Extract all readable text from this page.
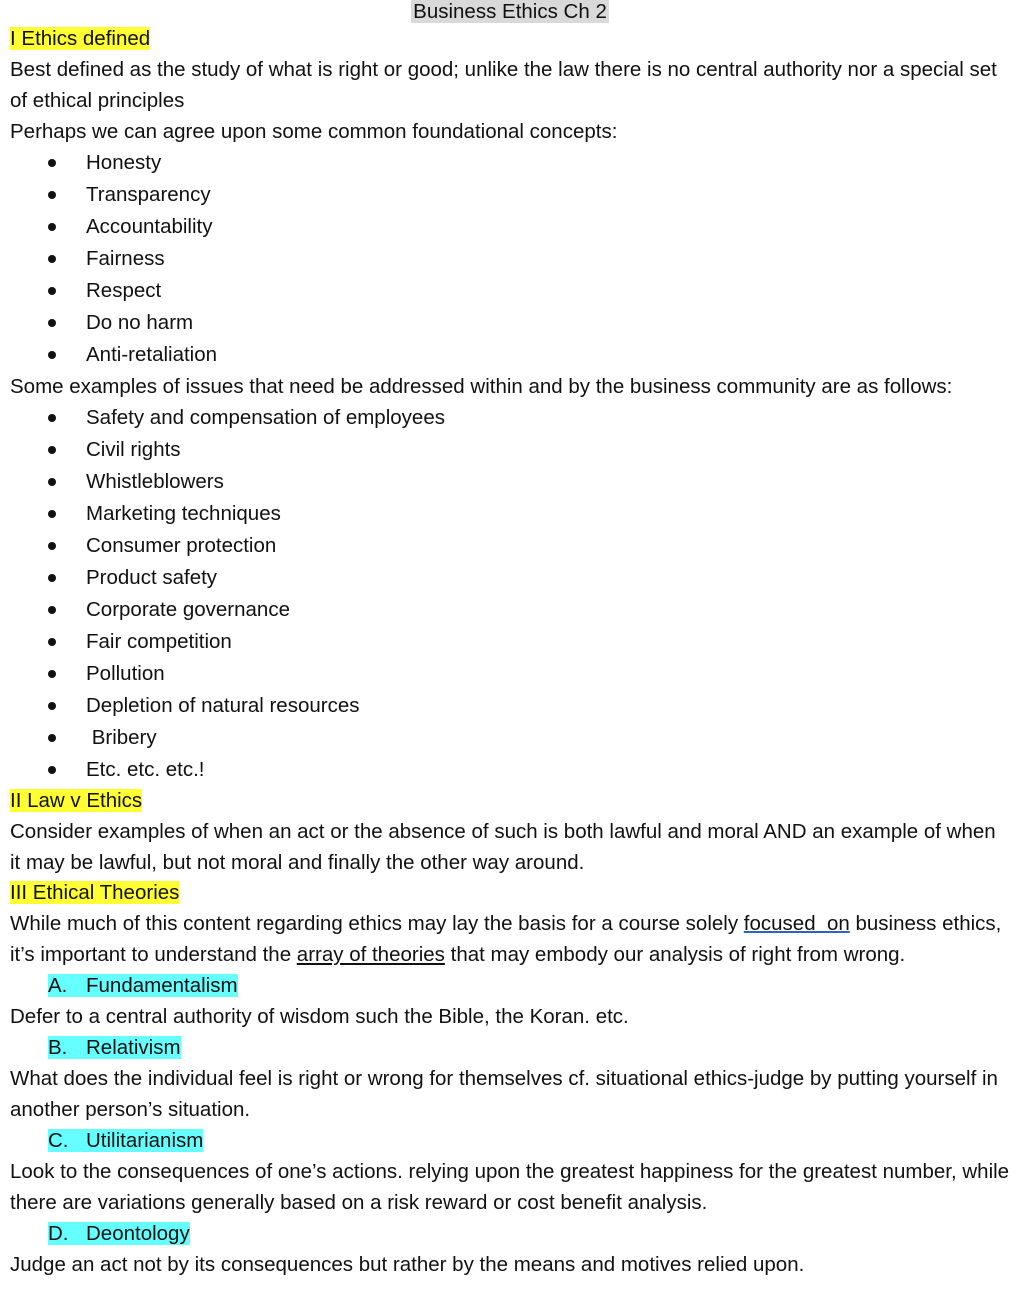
Business Ethics Ch 2

I Ethics defined

Best defined as the study of what is right or good; unlike the law there is no central authority nor a special set of ethical principles

Perhaps we can agree upon some common foundational concepts:

Honesty
Transparency
Accountability
Fairness
Respect
Do no harm
Anti-retaliation

Some examples of issues that need be addressed within and by the business community are as follows:

Safety and compensation of employees
Civil rights
Whistleblowers
Marketing techniques
Consumer protection
Product safety
Corporate governance
Fair competition
Pollution
Depletion of natural resources
Bribery
Etc. etc. etc.!

II Law v Ethics

Consider examples of when an act or the absence of such is both lawful and moral AND an example of when it may be lawful, but not moral and finally the other way around.

III Ethical Theories

While much of this content regarding ethics may lay the basis for a course solely focused  on business ethics, it’s important to understand the array of theories that may embody our analysis of right from wrong.

A. Fundamentalism

Defer to a central authority of wisdom such the Bible, the Koran. etc.

B. Relativism

What does the individual feel is right or wrong for themselves cf. situational ethics-judge by putting yourself in another person’s situation.

C. Utilitarianism

Look to the consequences of one’s actions. relying upon the greatest happiness for the greatest number, while there are variations generally based on a risk reward or cost benefit analysis.

D. Deontology

Judge an act not by its consequences but rather by the means and motives relied upon.
